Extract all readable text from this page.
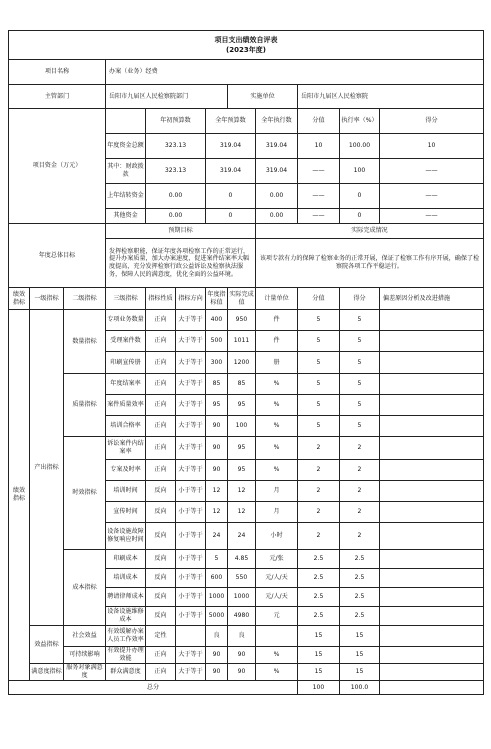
项目支出绩效自评表
(2023年度)											

项目名称			办案（业务）经费								
主管部门			岳阳市九届区人民检察院部门				实施单位		岳阳市九届区人民检察院		
项目资金（万元）				年初预算数		全年预算数		全年执行数	分值	执行率（%）	得分
			年度资金总额	323.13		319.04		319.04	10	100.00	10
			其中：财政拨款	323.13		319.04		319.04	——	100	——
			上年结转资金	0.00		0		0.00	——	0	——
			其他资金	0.00		0		0.00	——	0	——
年度总体目标			预期目标					实际完成情况			
			发挥检察职能，保证年度各项检察工作的正常运行，提升办案质量，加大办案速度，促进案件结案率大幅度提高，充分发挥检察行政公益诉讼及检察执法服务，保障人民的满意度，优化全面的公益环境。					该项专款有力的保障了检察业务的正常开展，保证了检察工作有序开展，确保了检察院各项工作平稳运行。			
绩效指标	一级指标	二级指标	三级指标	指标性质	指标方向	年度指标值	实际完成值	计量单位	分值	得分	偏差原因分析及改进措施
绩效指标	产出指标	数量指标	专项业务数量	正向	大于等于	400	950	件	5	5	
			受理案件数	正向	大于等于	500	1011	件	5	5	
			印刷宣传册	正向	大于等于	300	1200	册	5	5	
		质量指标	年度结案率	正向	大于等于	85	85	%	5	5	
			案件质量效率	正向	大于等于	95	95	%	5	5	
			培训合格率	正向	大于等于	90	100	%	5	5	
		时效指标	诉讼案件内结案率	正向	大于等于	90	95	%	2	2	
			专案及时率	正向	大于等于	90	95	%	2	2	
			培训时间	反向	小于等于	12	12	月	2	2	
			宣传时间	反向	小于等于	12	12	月	2	2	
			设备设施故障修复响应时间	反向	小于等于	24	24	小时	2	2	
		成本指标	印刷成本	反向	小于等于	5	4.85	元/张	2.5	2.5	
			培训成本	反向	小于等于	600	550	元/人/天	2.5	2.5	
			聘请律师成本	反向	小于等于	1000	1000	元/人/天	2.5	2.5	
			设备设施维修成本	反向	小于等于	5000	4980	元	2.5	2.5	
	效益指标	社会效益	有效缓解办案人员工作效率	定性		良	良		15	15	
		可持续影响	有效提升办理效能	正向	大于等于	90	90	%	15	15	
	满意度指标	服务对象满意度	群众满意度	正向	大于等于	90	90	%	15	15	
总分									100	100.0	
